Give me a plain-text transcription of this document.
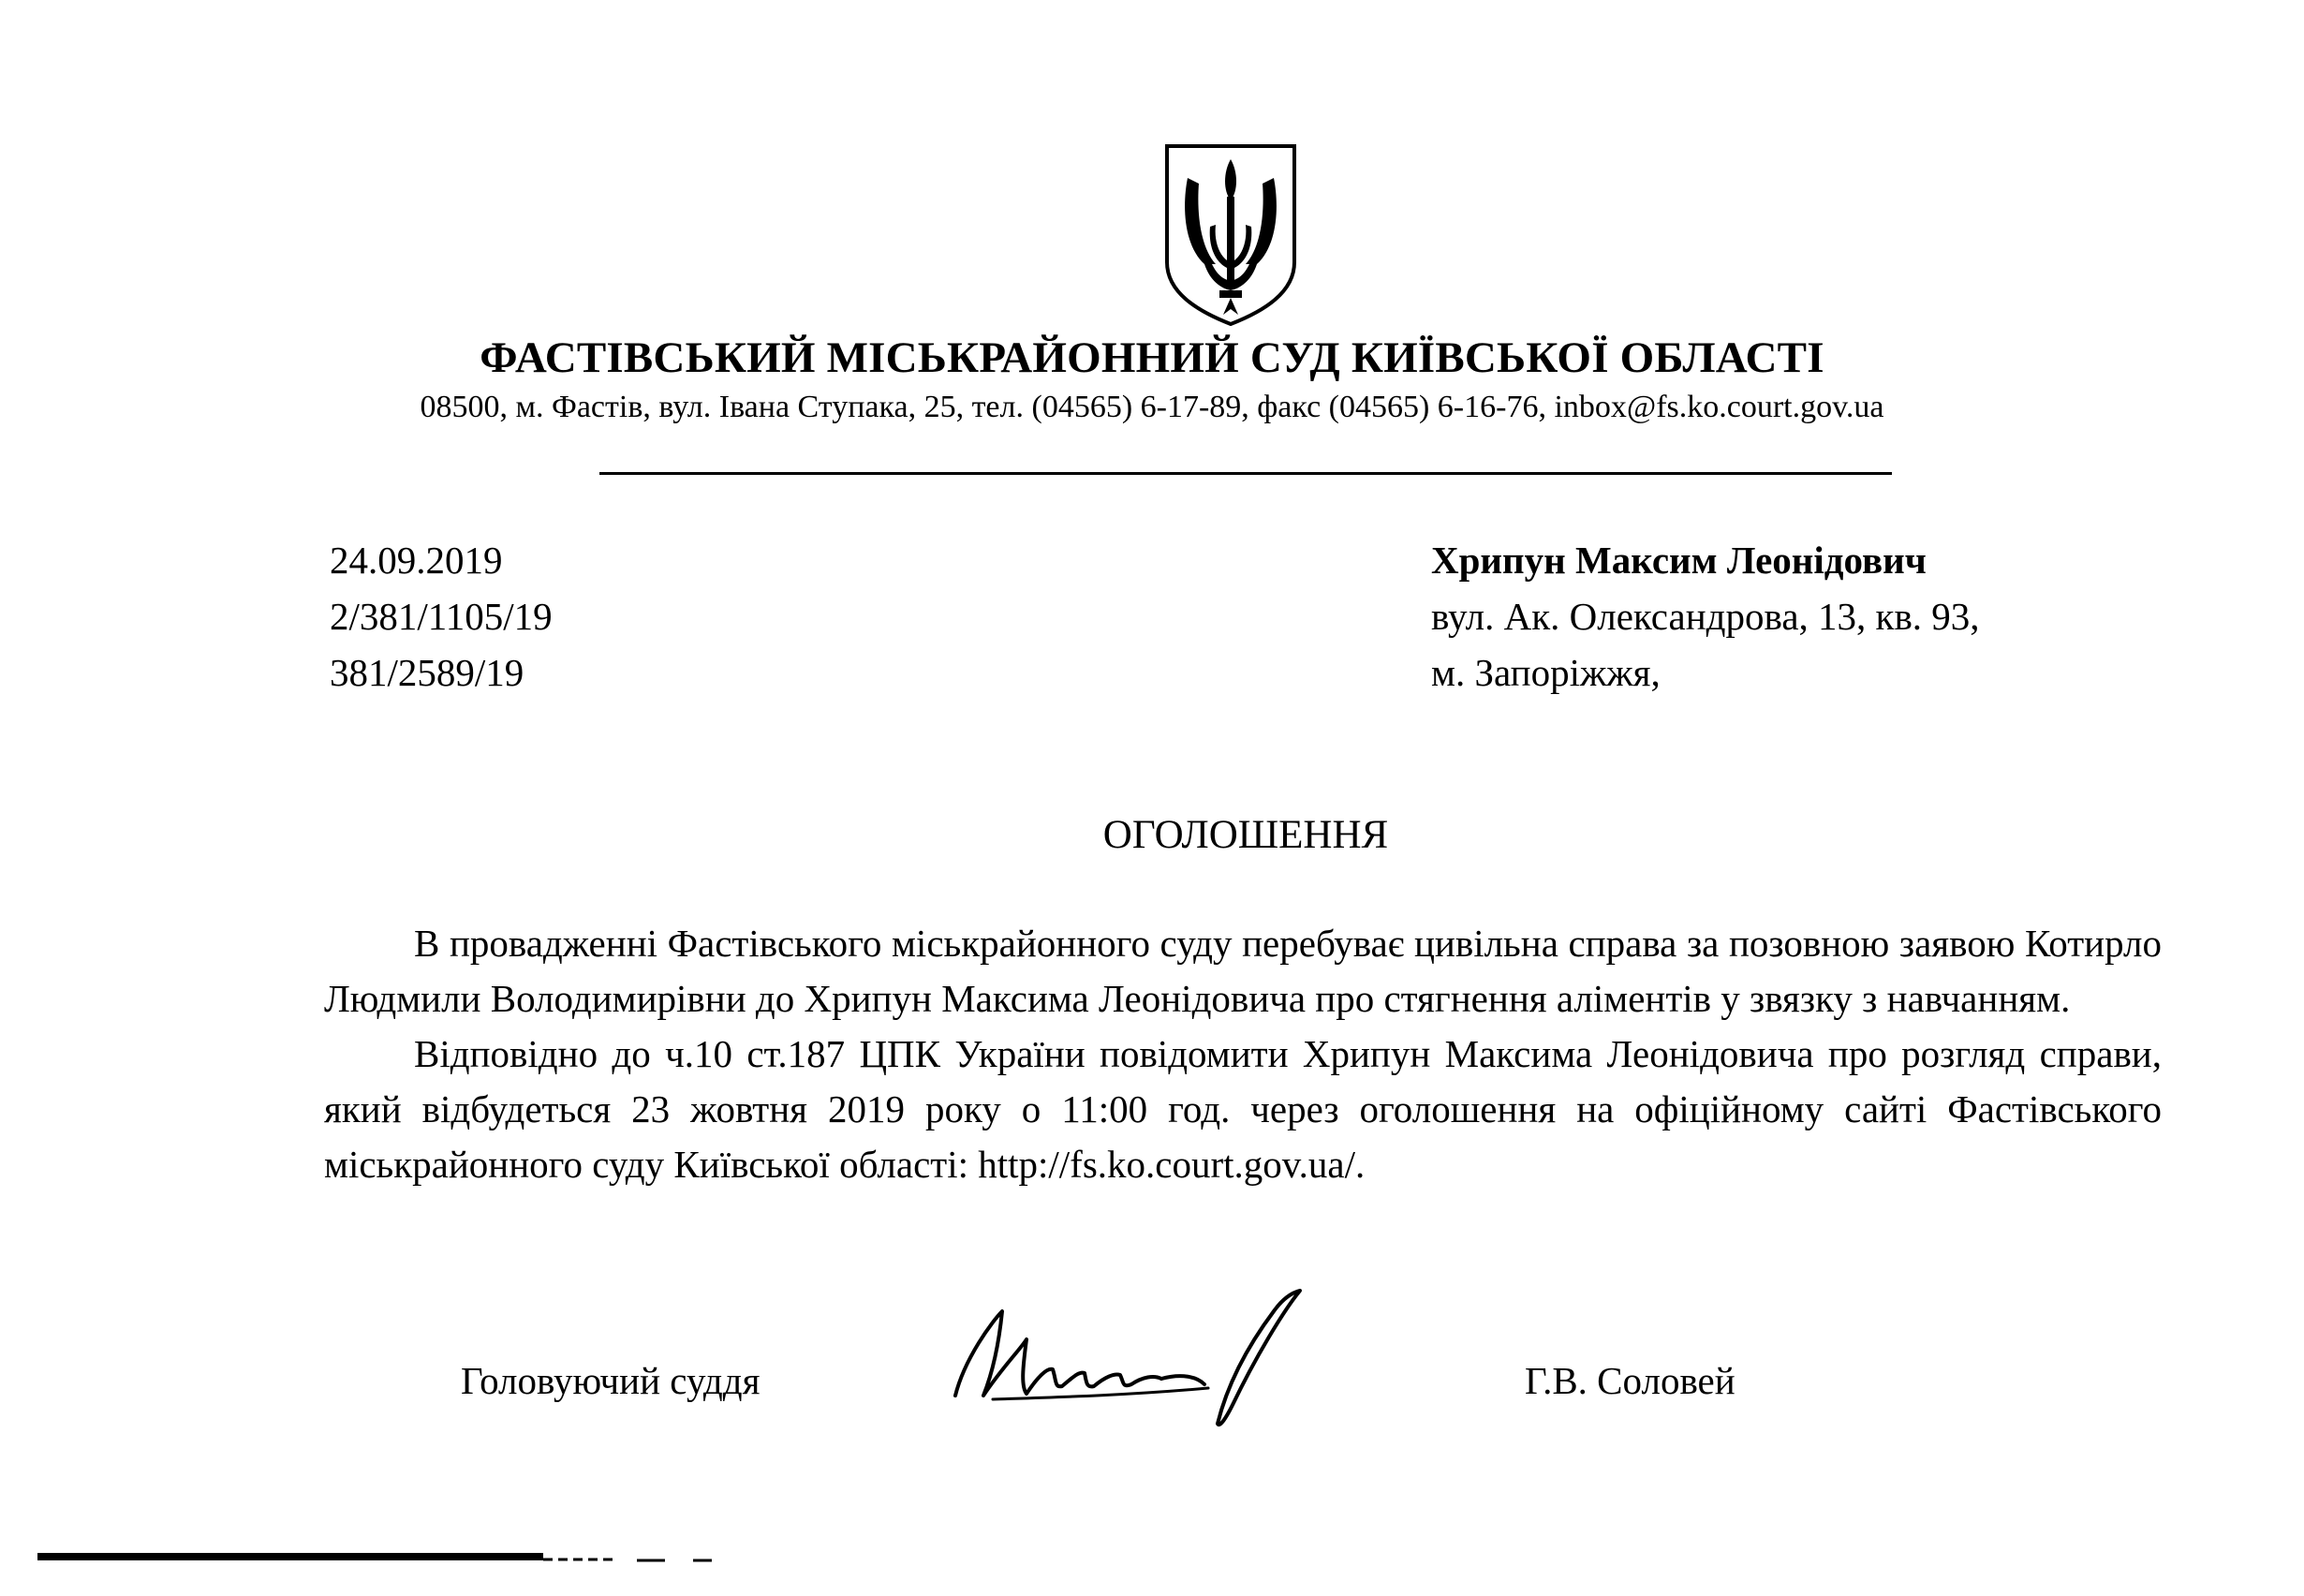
ФАСТІВСЬКИЙ МІСЬКРАЙОННИЙ СУД КИЇВСЬКОЇ ОБЛАСТІ
08500, м. Фастів, вул. Івана Ступака, 25, тел. (04565) 6-17-89, факс (04565) 6-16-76, inbox@fs.ko.court.gov.ua
24.09.2019
2/381/1105/19
381/2589/19
Хрипун Максим Леонідович
вул. Ак. Олександрова, 13, кв. 93,
м. Запоріжжя,
ОГОЛОШЕННЯ

В провадженні Фастівського міськрайонного суду перебуває цивільна справа за позовною заявою Котирло Людмили Володимирівни до Хрипун Максима Леонідовича про стягнення аліментів у звязку з навчанням.

Відповідно до ч.10 ст.187 ЦПК України повідомити Хрипун Максима Леонідовича про розгляд справи, який відбудеться 23 жовтня 2019 року о 11:00 год. через оголошення на офіційному сайті Фастівського міськрайонного суду Київської області: http://fs.ko.court.gov.ua/.

Головуючий суддя	Г.В. Соловей
